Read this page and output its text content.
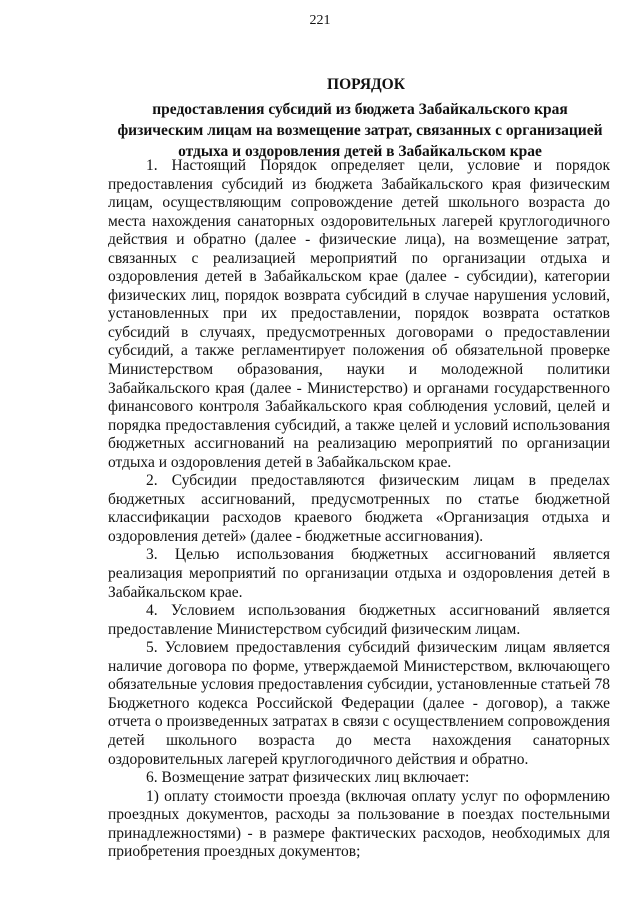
221
ПОРЯДОК
предоставления субсидий из бюджета Забайкальского края физическим лицам на возмещение затрат, связанных с организацией отдыха и оздоровления детей в Забайкальском крае

1. Настоящий Порядок определяет цели, условие и порядок предоставления субсидий из бюджета Забайкальского края физическим лицам, осуществляющим сопровождение детей школьного возраста до места нахождения санаторных оздоровительных лагерей круглогодичного действия и обратно (далее - физические лица), на возмещение затрат, связанных с реализацией мероприятий по организации отдыха и оздоровления детей в Забайкальском крае (далее - субсидии), категории физических лиц, порядок возврата субсидий в случае нарушения условий, установленных при их предоставлении, порядок возврата остатков субсидий в случаях, предусмотренных договорами о предоставлении субсидий, а также регламентирует положения об обязательной проверке Министерством образования, науки и молодежной политики Забайкальского края (далее - Министерство) и органами государственного финансового контроля Забайкальского края соблюдения условий, целей и порядка предоставления субсидий, а также целей и условий использования бюджетных ассигнований на реализацию мероприятий по организации отдыха и оздоровления детей в Забайкальском крае.

2. Субсидии предоставляются физическим лицам в пределах бюджетных ассигнований, предусмотренных по статье бюджетной классификации расходов краевого бюджета «Организация отдыха и оздоровления детей» (далее - бюджетные ассигнования).

3. Целью использования бюджетных ассигнований является реализация мероприятий по организации отдыха и оздоровления детей в Забайкальском крае.

4. Условием использования бюджетных ассигнований является предоставление Министерством субсидий физическим лицам.

5. Условием предоставления субсидий физическим лицам является наличие договора по форме, утверждаемой Министерством, включающего обязательные условия предоставления субсидии, установленные статьей 78 Бюджетного кодекса Российской Федерации (далее - договор), а также отчета о произведенных затратах в связи с осуществлением сопровождения детей школьного возраста до места нахождения санаторных оздоровительных лагерей круглогодичного действия и обратно.

6. Возмещение затрат физических лиц включает:

1) оплату стоимости проезда (включая оплату услуг по оформлению проездных документов, расходы за пользование в поездах постельными принадлежностями) - в размере фактических расходов, необходимых для приобретения проездных документов;
